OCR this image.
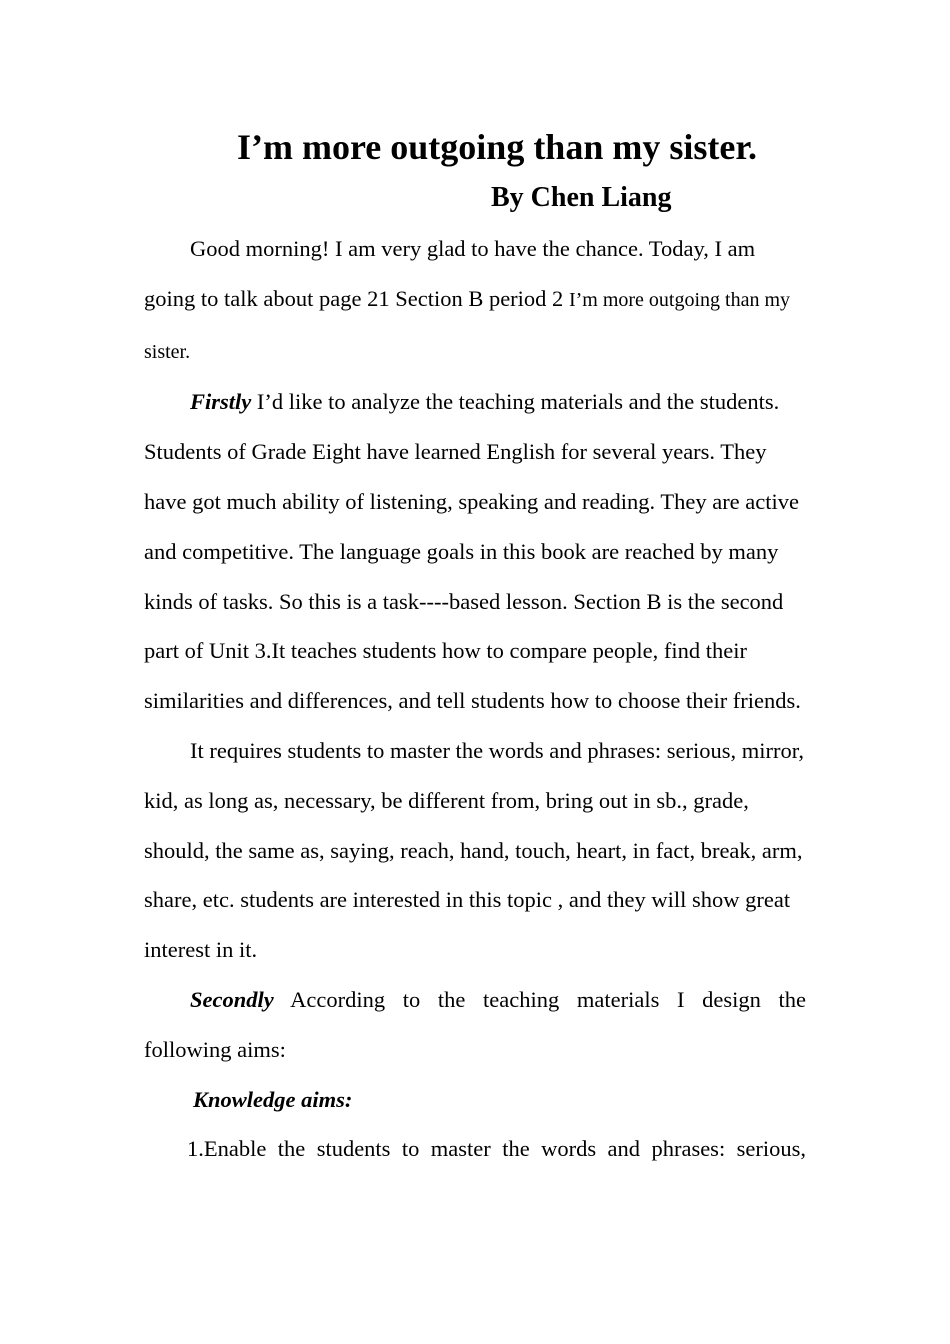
I’m more outgoing than my sister.
By Chen Liang

Good morning! I am very glad to have the chance. Today, I am going to talk about page 21 Section B period 2 I’m more outgoing than my sister.

Firstly I’d like to analyze the teaching materials and the students. Students of Grade Eight have learned English for several years. They have got much ability of listening, speaking and reading. They are active and competitive. The language goals in this book are reached by many kinds of tasks. So this is a task----based lesson. Section B is the second part of Unit 3.It teaches students how to compare people, find their similarities and differences, and tell students how to choose their friends.

It requires students to master the words and phrases: serious, mirror, kid, as long as, necessary, be different from, bring out in sb., grade, should, the same as, saying, reach, hand, touch, heart, in fact, break, arm, share, etc. students are interested in this topic , and they will show great interest in it.

Secondly According to the teaching materials I design the

following aims:

Knowledge aims:

1.Enable the students to master the words and phrases: serious,
